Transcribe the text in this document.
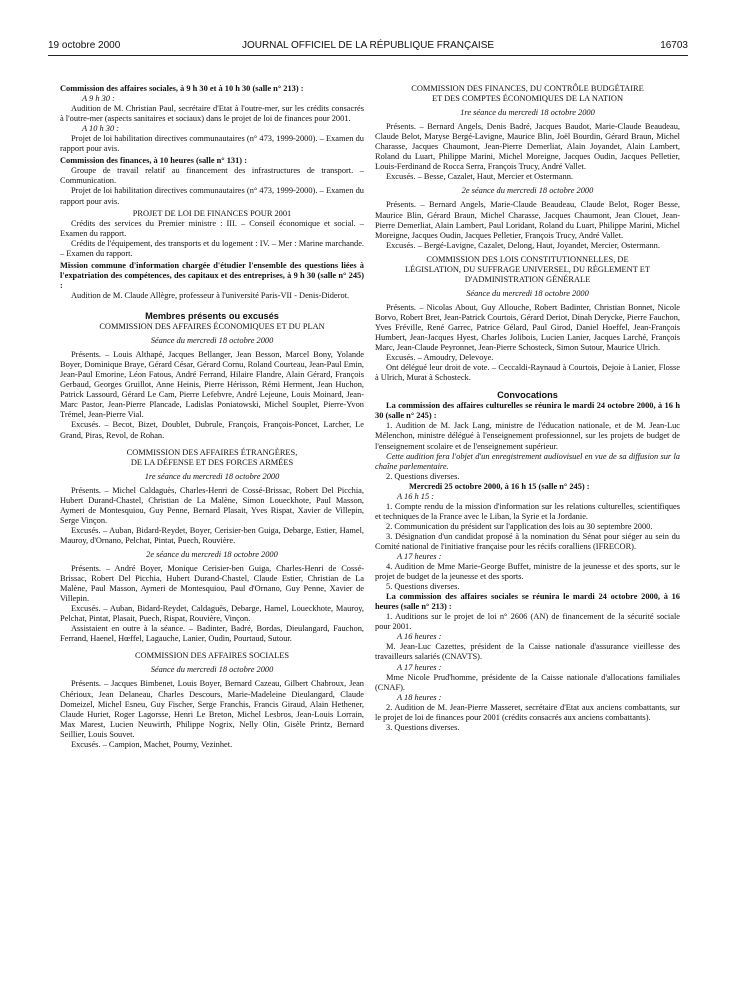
19 octobre 2000	JOURNAL OFFICIEL DE LA RÉPUBLIQUE FRANÇAISE	16703

Commission des affaires sociales, à 9 h 30 et à 10 h 30 (salle n° 213) :

A 9 h 30 :

Audition de M. Christian Paul, secrétaire d'Etat à l'outre-mer, sur les crédits consacrés à l'outre-mer (aspects sanitaires et sociaux) dans le projet de loi de finances pour 2001.

A 10 h 30 :

Projet de loi habilitation directives communautaires (n° 473, 1999-2000). – Examen du rapport pour avis.

Commission des finances, à 10 heures (salle n° 131) :

Groupe de travail relatif au financement des infrastructures de transport. – Communication.

Projet de loi habilitation directives communautaires (n° 473, 1999-2000). – Examen du rapport pour avis.

PROJET DE LOI DE FINANCES POUR 2001

Crédits des services du Premier ministre : III. – Conseil économique et social. – Examen du rapport.

Crédits de l'équipement, des transports et du logement : IV. – Mer : Marine marchande. – Examen du rapport.

Mission commune d'information chargée d'étudier l'ensemble des questions liées à l'expatriation des compétences, des capitaux et des entreprises, à 9 h 30 (salle n° 245) :

Audition de M. Claude Allègre, professeur à l'université Paris-VII - Denis-Diderot.

Membres présents ou excusés

COMMISSION DES AFFAIRES ÉCONOMIQUES ET DU PLAN

Séance du mercredi 18 octobre 2000

Présents. – Louis Althapé, Jacques Bellanger, Jean Besson, Marcel Bony, Yolande Boyer, Dominique Braye, Gérard César, Gérard Cornu, Roland Courteau, Jean-Paul Emin, Jean-Paul Emorine, Léon Fatous, André Ferrand, Hilaire Flandre, Alain Gérard, François Gerbaud, Georges Gruillot, Anne Heinis, Pierre Hérisson, Rémi Herment, Jean Huchon, Patrick Lassourd, Gérard Le Cam, Pierre Lefebvre, André Lejeune, Louis Moinard, Jean-Marc Pastor, Jean-Pierre Plancade, Ladislas Poniatowski, Michel Souplet, Pierre-Yvon Trémel, Jean-Pierre Vial.

Excusés. – Becot, Bizet, Doublet, Dubrule, François, François-Poncet, Larcher, Le Grand, Piras, Revol, de Rohan.

COMMISSION DES AFFAIRES ÉTRANGÈRES,

DE LA DÉFENSE ET DES FORCES ARMÉES

1re séance du mercredi 18 octobre 2000

Présents. – Michel Caldaguès, Charles-Henri de Cossé-Brissac, Robert Del Picchia, Hubert Durand-Chastel, Christian de La Malène, Simon Loueckhote, Paul Masson, Aymeri de Montesquiou, Guy Penne, Bernard Plasait, Yves Rispat, Xavier de Villepin, Serge Vinçon.

Excusés. – Auban, Bidard-Reydet, Boyer, Cerisier-ben Guiga, Debarge, Estier, Hamel, Mauroy, d'Ornano, Pelchat, Pintat, Puech, Rouvière.

2e séance du mercredi 18 octobre 2000

Présents. – André Boyer, Monique Cerisier-ben Guiga, Charles-Henri de Cossé-Brissac, Robert Del Picchia, Hubert Durand-Chastel, Claude Estier, Christian de La Malène, Paul Masson, Aymeri de Montesquiou, Paul d'Ornano, Guy Penne, Xavier de Villepin.

Excusés. – Auban, Bidard-Reydet, Caldaguès, Debarge, Hamel, Loueckhote, Mauroy, Pelchat, Pintat, Plasait, Puech, Rispat, Rouvière, Vinçon.

Assistaient en outre à la séance. – Badinter, Badré, Bordas, Dieulangard, Fauchon, Ferrand, Haenel, Hœffel, Lagauche, Lanier, Oudin, Pourtaud, Sutour.

COMMISSION DES AFFAIRES SOCIALES

Séance du mercredi 18 octobre 2000

Présents. – Jacques Bimbenet, Louis Boyer, Bernard Cazeau, Gilbert Chabroux, Jean Chérioux, Jean Delaneau, Charles Descours, Marie-Madeleine Dieulangard, Claude Domeizel, Michel Esneu, Guy Fischer, Serge Franchis, Francis Giraud, Alain Hethener, Claude Huriet, Roger Lagorsse, Henri Le Breton, Michel Lesbros, Jean-Louis Lorrain, Max Marest, Lucien Neuwirth, Philippe Nogrix, Nelly Olin, Gisèle Printz, Bernard Seillier, Louis Souvet.

Excusés. – Campion, Machet, Pourny, Vezinhet.

COMMISSION DES FINANCES, DU CONTRÔLE BUDGÉTAIRE

ET DES COMPTES ÉCONOMIQUES DE LA NATION

1re séance du mercredi 18 octobre 2000

Présents. – Bernard Angels, Denis Badré, Jacques Baudot, Marie-Claude Beaudeau, Claude Belot, Maryse Bergé-Lavigne, Maurice Blin, Joël Bourdin, Gérard Braun, Michel Charasse, Jacques Chaumont, Jean-Pierre Demerliat, Alain Joyandet, Alain Lambert, Roland du Luart, Philippe Marini, Michel Moreigne, Jacques Oudin, Jacques Pelletier, Louis-Ferdinand de Rocca Serra, François Trucy, André Vallet.

Excusés. – Besse, Cazalet, Haut, Mercier et Ostermann.

2e séance du mercredi 18 octobre 2000

Présents. – Bernard Angels, Marie-Claude Beaudeau, Claude Belot, Roger Besse, Maurice Blin, Gérard Braun, Michel Charasse, Jacques Chaumont, Jean Clouet, Jean-Pierre Demerliat, Alain Lambert, Paul Loridant, Roland du Luart, Philippe Marini, Michel Moreigne, Jacques Oudin, Jacques Pelletier, François Trucy, André Vallet.

Excusés. – Bergé-Lavigne, Cazalet, Delong, Haut, Joyandet, Mercier, Ostermann.

COMMISSION DES LOIS CONSTITUTIONNELLES, DE

LÉGISLATION, DU SUFFRAGE UNIVERSEL, DU RÈGLEMENT ET

D'ADMINISTRATION GÉNÉRALE

Séance du mercredi 18 octobre 2000

Présents. – Nicolas About, Guy Allouche, Robert Badinter, Christian Bonnet, Nicole Borvo, Robert Bret, Jean-Patrick Courtois, Gérard Deriot, Dinah Derycke, Pierre Fauchon, Yves Fréville, René Garrec, Patrice Gélard, Paul Girod, Daniel Hoeffel, Jean-François Humbert, Jean-Jacques Hyest, Charles Jolibois, Lucien Lanier, Jacques Larché, François Marc, Jean-Claude Peyronnet, Jean-Pierre Schosteck, Simon Sutour, Maurice Ulrich.

Excusés. – Amoudry, Delevoye.

Ont délégué leur droit de vote. – Ceccaldi-Raynaud à Courtois, Dejoie à Lanier, Flosse à Ulrich, Murat à Schosteck.

Convocations

La commission des affaires culturelles se réunira le mardi 24 octobre 2000, à 16 h 30 (salle n° 245) :

1. Audition de M. Jack Lang, ministre de l'éducation nationale, et de M. Jean-Luc Mélenchon, ministre délégué à l'enseignement professionnel, sur les projets de budget de l'enseignement scolaire et de l'enseignement supérieur.

Cette audition fera l'objet d'un enregistrement audiovisuel en vue de sa diffusion sur la chaîne parlementaire.

2. Questions diverses.

Mercredi 25 octobre 2000, à 16 h 15 (salle n° 245) :

A 16 h 15 :

1. Compte rendu de la mission d'information sur les relations culturelles, scientifiques et techniques de la France avec le Liban, la Syrie et la Jordanie.

2. Communication du président sur l'application des lois au 30 septembre 2000.

3. Désignation d'un candidat proposé à la nomination du Sénat pour siéger au sein du Comité national de l'initiative française pour les récifs coralliens (IFRECOR).

A 17 heures :

4. Audition de Mme Marie-George Buffet, ministre de la jeunesse et des sports, sur le projet de budget de la jeunesse et des sports.

5. Questions diverses.

La commission des affaires sociales se réunira le mardi 24 octobre 2000, à 16 heures (salle n° 213) :

1. Auditions sur le projet de loi n° 2606 (AN) de financement de la sécurité sociale pour 2001.

A 16 heures :

M. Jean-Luc Cazettes, président de la Caisse nationale d'assurance vieillesse des travailleurs salariés (CNAVTS).

A 17 heures :

Mme Nicole Prud'homme, présidente de la Caisse nationale d'allocations familiales (CNAF).

A 18 heures :

2. Audition de M. Jean-Pierre Masseret, secrétaire d'Etat aux anciens combattants, sur le projet de loi de finances pour 2001 (crédits consacrés aux anciens combattants).

3. Questions diverses.
